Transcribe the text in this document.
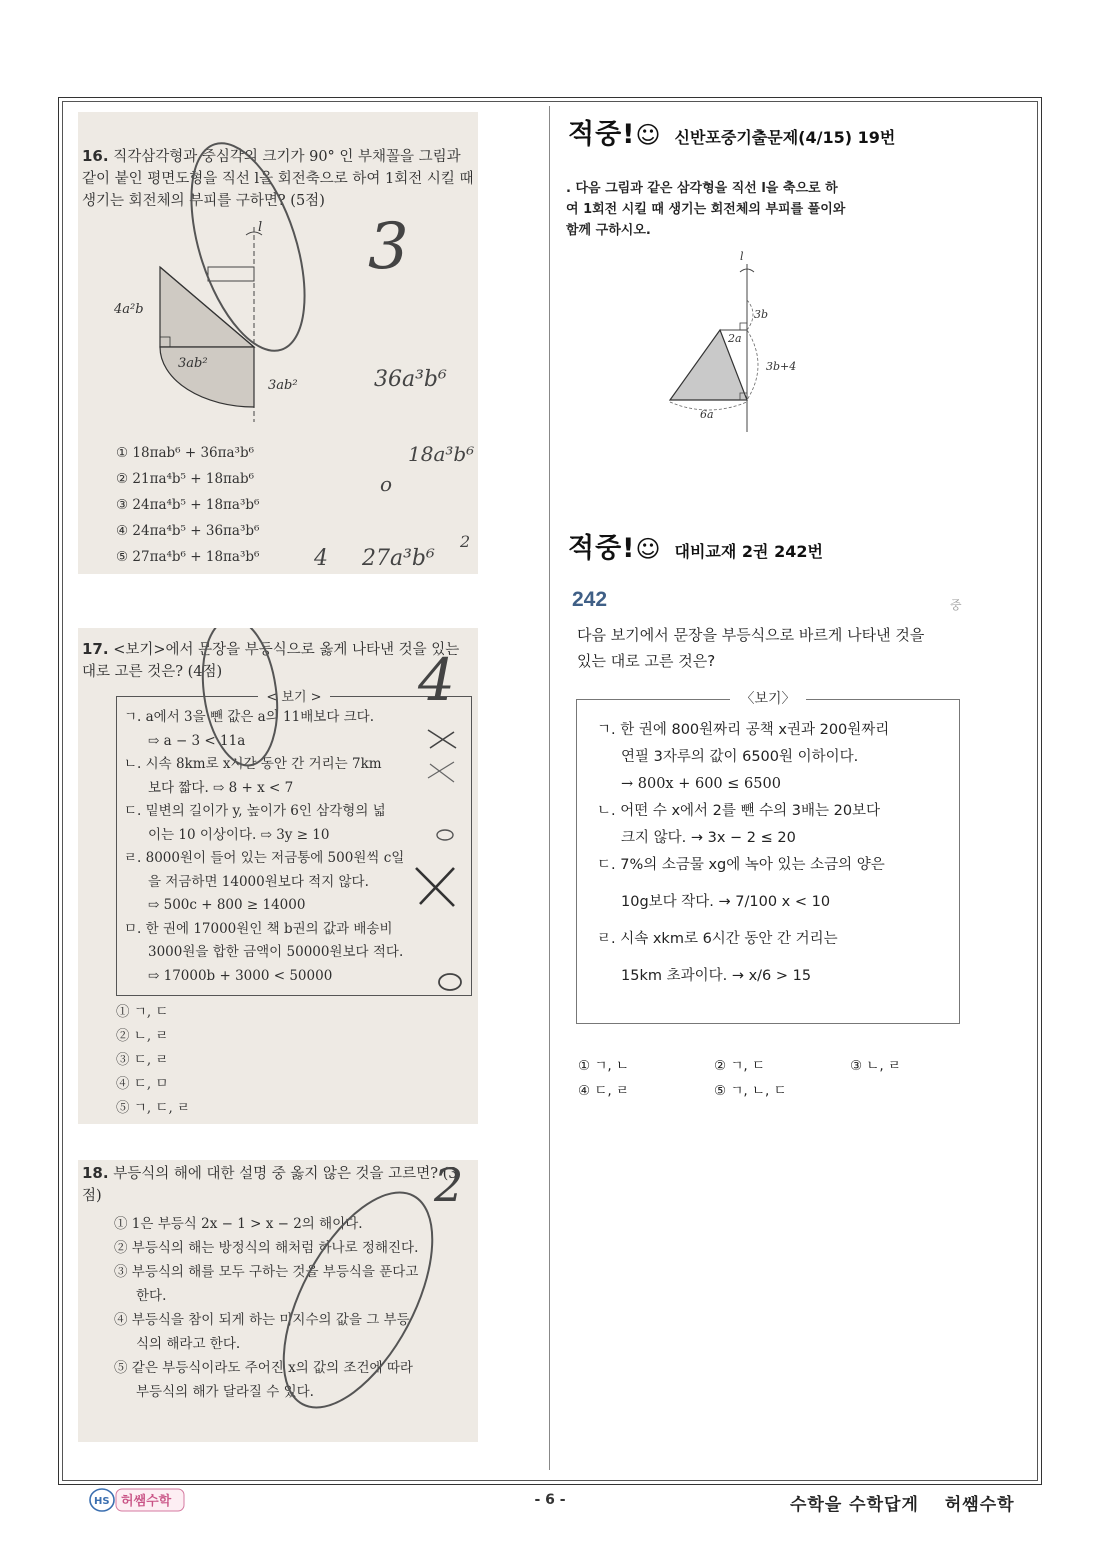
16. 직각삼각형과 중심각의 크기가 90° 인 부채꼴을 그림과 같이 붙인 평면도형을 직선 l을 회전축으로 하여 1회전 시킬 때 생기는 회전체의 부피를 구하면? (5점)
l
4a²b
3ab²
3ab²
① 18πab⁶ + 36πa³b⁶
② 21πa⁴b⁵ + 18πab⁶
③ 24πa⁴b⁵ + 18πa³b⁶
④ 24πa⁴b⁵ + 36πa³b⁶
⑤ 27πa⁴b⁶ + 18πa³b⁶
3
36a³b⁶
18a³b⁶
o
27a³b⁶
4
2
17. <보기>에서 문장을 부등식으로 옳게 나타낸 것을 있는 대로 고른 것은? (4점)
< 보기 >
ㄱ. a에서 3을 뺀 값은 a의 11배보다 크다.
⇨ a − 3 < 11a
ㄴ. 시속 8km로 x시간 동안 간 거리는 7km
보다 짧다. ⇨ 8 + x < 7
ㄷ. 밑변의 길이가 y, 높이가 6인 삼각형의 넓
이는 10 이상이다. ⇨ 3y ≥ 10
ㄹ. 8000원이 들어 있는 저금통에 500원씩 c일
을 저금하면 14000원보다 적지 않다.
⇨ 500c + 800 ≥ 14000
ㅁ. 한 권에 17000원인 책 b권의 값과 배송비
3000원을 합한 금액이 50000원보다 적다.
⇨ 17000b + 3000 < 50000
① ㄱ, ㄷ
② ㄴ, ㄹ
③ ㄷ, ㄹ
④ ㄷ, ㅁ
⑤ ㄱ, ㄷ, ㄹ
4
18. 부등식의 해에 대한 설명 중 옳지 않은 것을 고르면? (3점)
① 1은 부등식 2x − 1 > x − 2의 해이다.
② 부등식의 해는 방정식의 해처럼 하나로 정해진다.
③ 부등식의 해를 모두 구하는 것을 부등식을 푼다고
한다.
④ 부등식을 참이 되게 하는 미지수의 값을 그 부등
식의 해라고 한다.
⑤ 같은 부등식이라도 주어진 x의 값의 조건에 따라
부등식의 해가 달라질 수 있다.
2
적중!☺ 신반포중기출문제(4/15) 19번
. 다음 그림과 같은 삼각형을 직선 l을 축으로 하
여 1회전 시킬 때 생기는 회전체의 부피를 풀이와
함께 구하시오.
l
3b
2a
3b+4
6a
적중!☺ 대비교재 2권 242번
242	중
다음 보기에서 문장을 부등식으로 바르게 나타낸 것을
있는 대로 고른 것은?
〈보기〉
ㄱ. 한 권에 800원짜리 공책 x권과 200원짜리
연필 3자루의 값이 6500원 이하이다.
→ 800x + 600 ≤ 6500
ㄴ. 어떤 수 x에서 2를 뺀 수의 3배는 20보다
크지 않다. → 3x − 2 ≤ 20
ㄷ. 7%의 소금물 xg에 녹아 있는 소금의 양은
10g보다 작다. → 7/100 x < 10
ㄹ. 시속 xkm로 6시간 동안 간 거리는
15km 초과이다. → x/6 > 15
① ㄱ, ㄴ	② ㄱ, ㄷ	③ ㄴ, ㄹ
④ ㄷ, ㄹ	⑤ ㄱ, ㄴ, ㄷ
HS 허쌤수학	- 6 -	수학을 수학답게 허쌤수학
